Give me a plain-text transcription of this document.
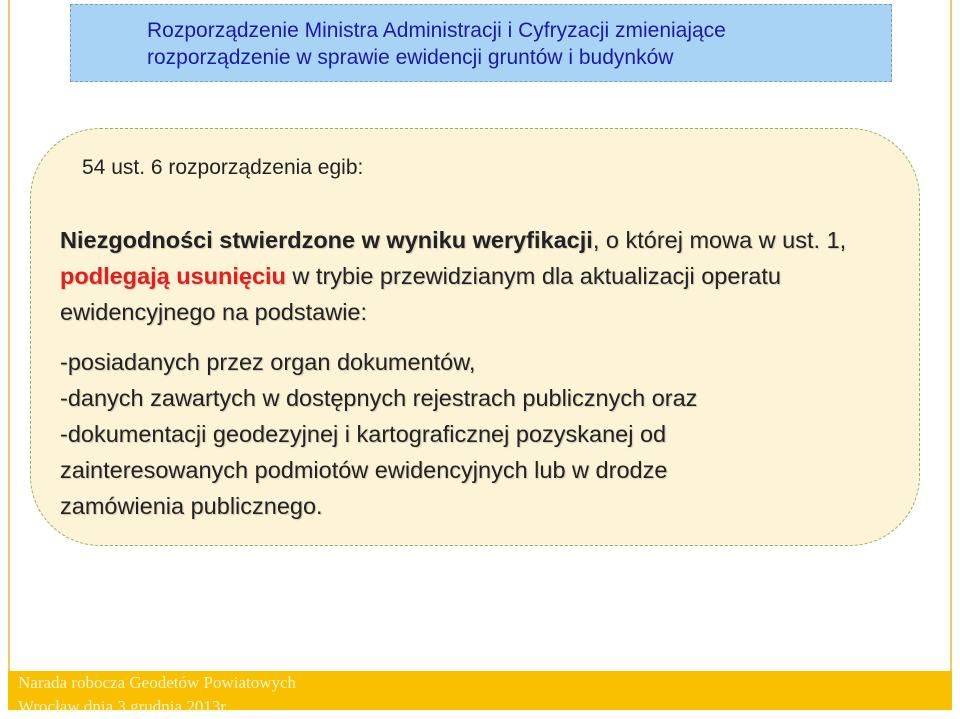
Rozporządzenie Ministra Administracji i Cyfryzacji zmieniające
rozporządzenie w sprawie ewidencji gruntów i budynków
54 ust. 6 rozporządzenia egib:
Niezgodności stwierdzone w wyniku weryfikacji, o której mowa w ust. 1, podlegają usunięciu w trybie przewidzianym dla aktualizacji operatu ewidencyjnego na podstawie:
-posiadanych przez organ dokumentów,
-danych zawartych w dostępnych rejestrach publicznych oraz
-dokumentacji geodezyjnej i kartograficznej pozyskanej od
zainteresowanych podmiotów ewidencyjnych lub w drodze
zamówienia publicznego.
Narada robocza Geodetów Powiatowych
Wrocław dnia 3 grudnia 2013r.
